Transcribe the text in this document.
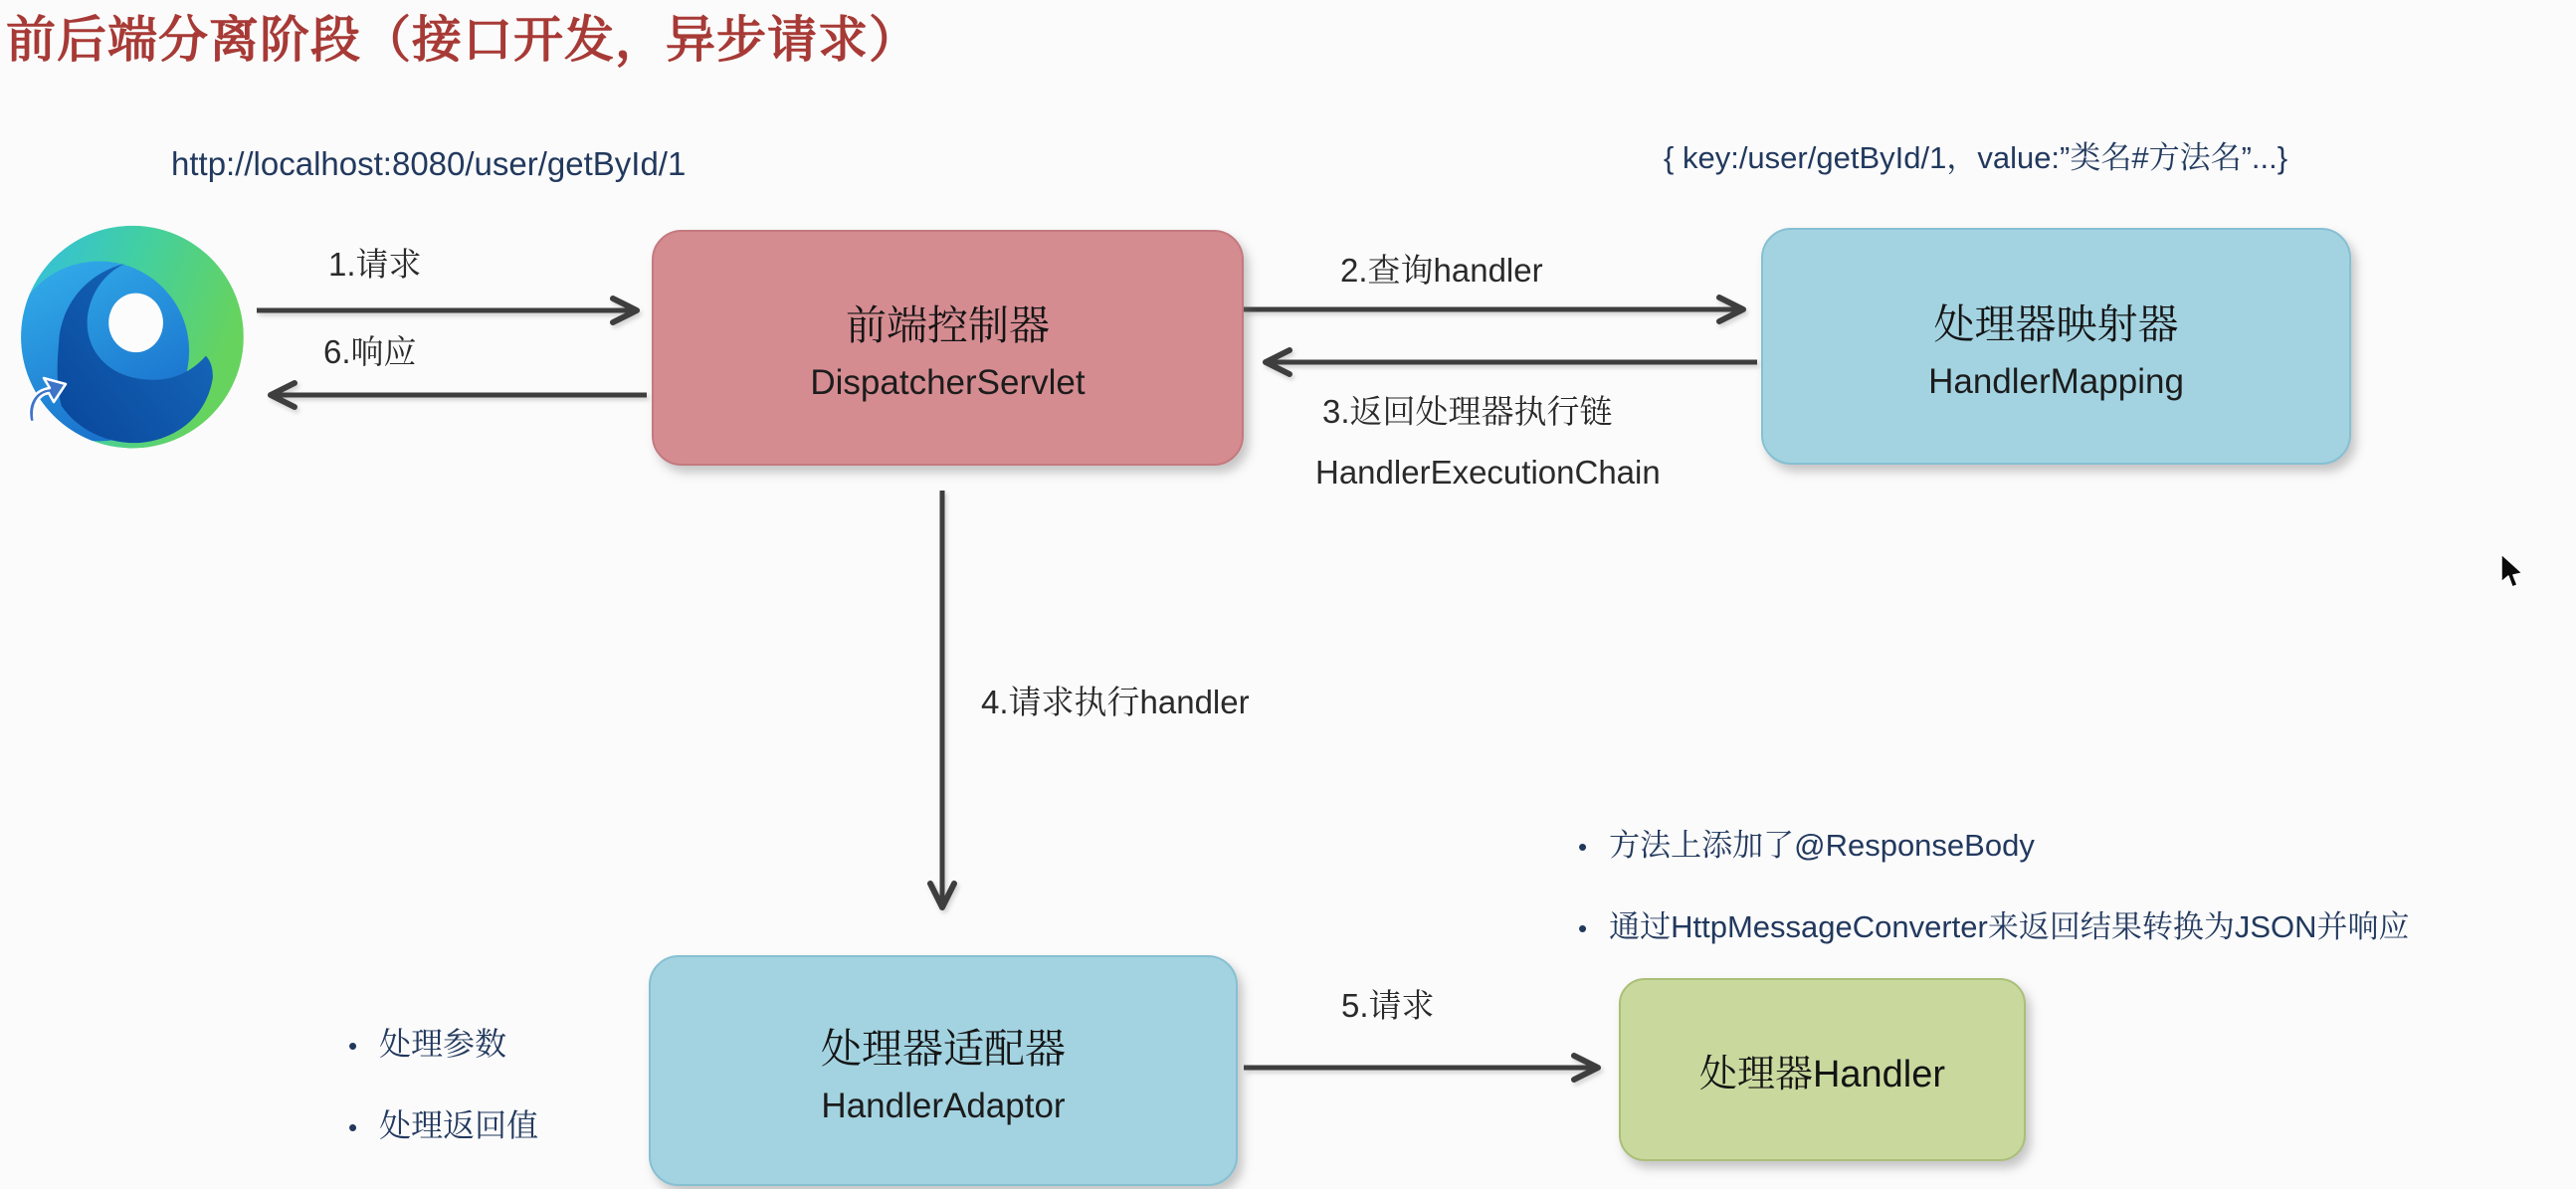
前后端分离阶段（接口开发，异步请求）
http://localhost:8080/user/getById/1	{ key:/user/getById/1，value:”类名#方法名”...}
1.请求
6.响应
2.查询handler
3.返回处理器执行链
HandlerExecutionChain
4.请求执行handler
5.请求
前端控制器
DispatcherServlet
处理器映射器
HandlerMapping
处理器适配器
HandlerAdaptor
处理器Handler
• 处理参数
• 处理返回值
• 方法上添加了@ResponseBody
• 通过HttpMessageConverter来返回结果转换为JSON并响应
